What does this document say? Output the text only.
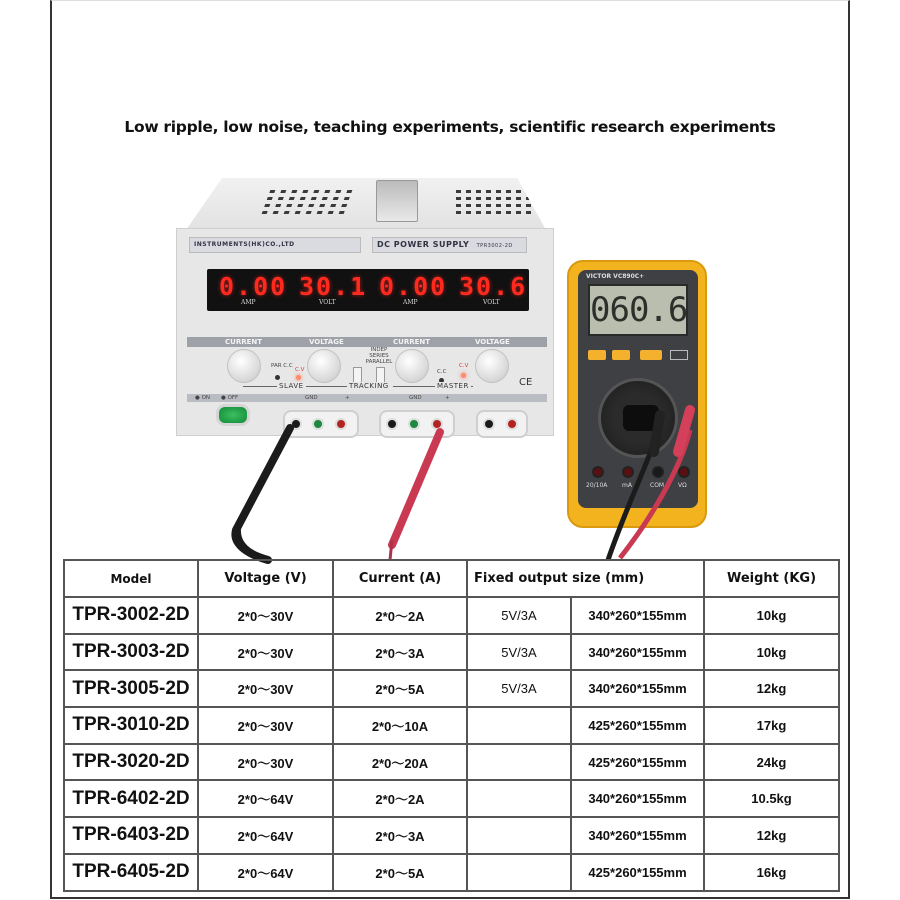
Low ripple, low noise, teaching experiments, scientific research experiments
INSTRUMENTS(HK)CO.,LTD	DC POWER SUPPLY TPR3002-2D
0.00
AMP
30.1
VOLT
0.00
AMP
30.6
VOLT
CURRENT	VOLTAGE	CURRENT	VOLTAGE
PAR C.C
C.V
INDEP
SERIES
PARALLEL
C.C
C.V
SLAVE	TRACKING	MASTER	CE
● ON ● OFF	GND	+	GND	+
VICTOR VC890C+
060.6
20/10A mA	COM VΩ
Model	Voltage (V)	Current (A)	Fixed output size (mm)		Weight (KG)
TPR-3002-2D	2*0～30V	2*0～2A	5V/3A	340*260*155mm	10kg
TPR-3003-2D	2*0～30V	2*0～3A	5V/3A	340*260*155mm	10kg
TPR-3005-2D	2*0～30V	2*0～5A	5V/3A	340*260*155mm	12kg
TPR-3010-2D	2*0～30V	2*0～10A		425*260*155mm	17kg
TPR-3020-2D	2*0～30V	2*0～20A		425*260*155mm	24kg
TPR-6402-2D	2*0～64V	2*0～2A		340*260*155mm	10.5kg
TPR-6403-2D	2*0～64V	2*0～3A		340*260*155mm	12kg
TPR-6405-2D	2*0～64V	2*0～5A		425*260*155mm	16kg
